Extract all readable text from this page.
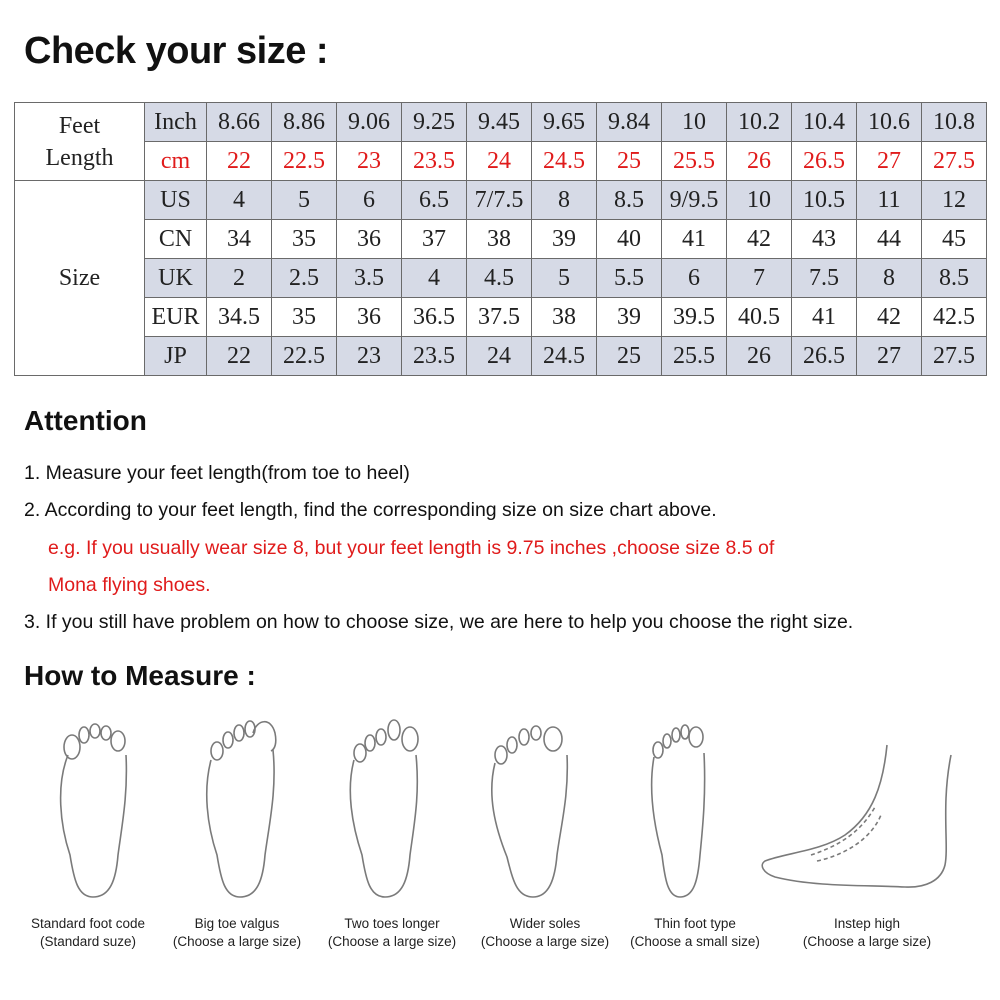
Check your size :
Feet
Length	Inch	8.66	8.86	9.06	9.25	9.45	9.65	9.84	10	10.2	10.4	10.6	10.8
	cm	22	22.5	23	23.5	24	24.5	25	25.5	26	26.5	27	27.5
Size	US	4	5	6	6.5	7/7.5	8	8.5	9/9.5	10	10.5	11	12
	CN	34	35	36	37	38	39	40	41	42	43	44	45
	UK	2	2.5	3.5	4	4.5	5	5.5	6	7	7.5	8	8.5
	EUR	34.5	35	36	36.5	37.5	38	39	39.5	40.5	41	42	42.5
	JP	22	22.5	23	23.5	24	24.5	25	25.5	26	26.5	27	27.5
Attention
1. Measure your feet length(from toe to heel)
2. According to your feet length, find the corresponding size on size chart above.
e.g. If you usually wear size 8, but your feet length is 9.75 inches ,choose size 8.5 of
Mona flying shoes.
3. If you still have problem on how to choose size, we are here to help you choose the right size.
How to Measure :
Standard foot code
(Standard suze)
Big toe valgus
(Choose a large size)
Two toes longer
(Choose a large size)
Wider soles
(Choose a large size)
Thin foot type
(Choose a small size)
Instep high
(Choose a large size)
